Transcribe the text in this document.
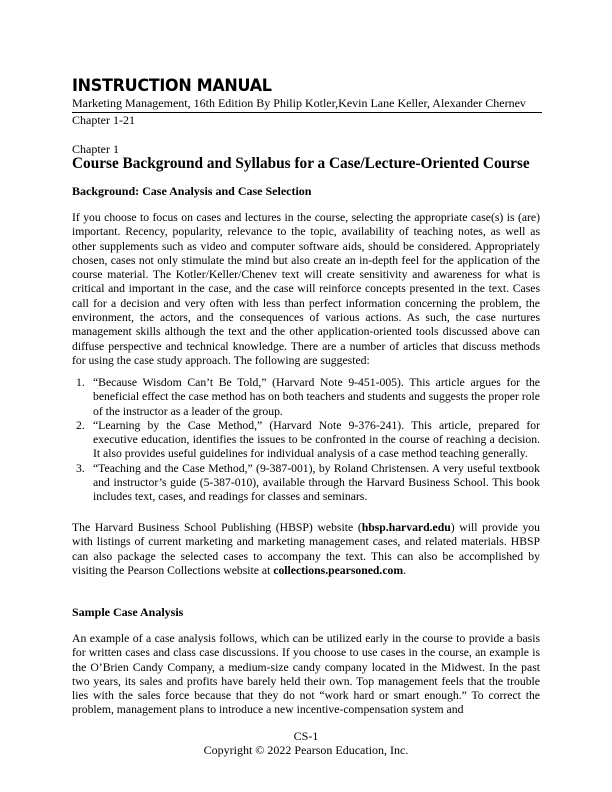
INSTRUCTION MANUAL
Marketing Management, 16th Edition By Philip Kotler,Kevin Lane Keller, Alexander Chernev
Chapter 1-21
Chapter 1
Course Background and Syllabus for a Case/Lecture-Oriented Course
Background: Case Analysis and Case Selection

If you choose to focus on cases and lectures in the course, selecting the appropriate case(s) is (are) important. Recency, popularity, relevance to the topic, availability of teaching notes, as well as other supplements such as video and computer software aids, should be considered. Appropriately chosen, cases not only stimulate the mind but also create an in-depth feel for the application of the course material. The Kotler/Keller/Chenev text will create sensitivity and awareness for what is critical and important in the case, and the case will reinforce concepts presented in the text. Cases call for a decision and very often with less than perfect information concerning the problem, the environment, the actors, and the consequences of various actions. As such, the case nurtures management skills although the text and the other application-oriented tools discussed above can diffuse perspective and technical knowledge. There are a number of articles that discuss methods for using the case study approach. The following are suggested:

1. “Because Wisdom Can’t Be Told,” (Harvard Note 9-451-005). This article argues for the beneficial effect the case method has on both teachers and students and suggests the proper role of the instructor as a leader of the group.
2. “Learning by the Case Method,” (Harvard Note 9-376-241). This article, prepared for executive education, identifies the issues to be confronted in the course of reaching a decision. It also provides useful guidelines for individual analysis of a case method teaching generally.
3. “Teaching and the Case Method,” (9-387-001), by Roland Christensen. A very useful textbook and instructor’s guide (5-387-010), available through the Harvard Business School. This book includes text, cases, and readings for classes and seminars.

The Harvard Business School Publishing (HBSP) website (hbsp.harvard.edu) will provide you with listings of current marketing and marketing management cases, and related materials. HBSP can also package the selected cases to accompany the text. This can also be accomplished by visiting the Pearson Collections website at collections.pearsoned.com.

Sample Case Analysis

An example of a case analysis follows, which can be utilized early in the course to provide a basis for written cases and class case discussions. If you choose to use cases in the course, an example is the O’Brien Candy Company, a medium-size candy company located in the Midwest. In the past two years, its sales and profits have barely held their own. Top management feels that the trouble lies with the sales force because that they do not “work hard or smart enough.” To correct the problem, management plans to introduce a new incentive-compensation system and

CS-1
Copyright © 2022 Pearson Education, Inc.
